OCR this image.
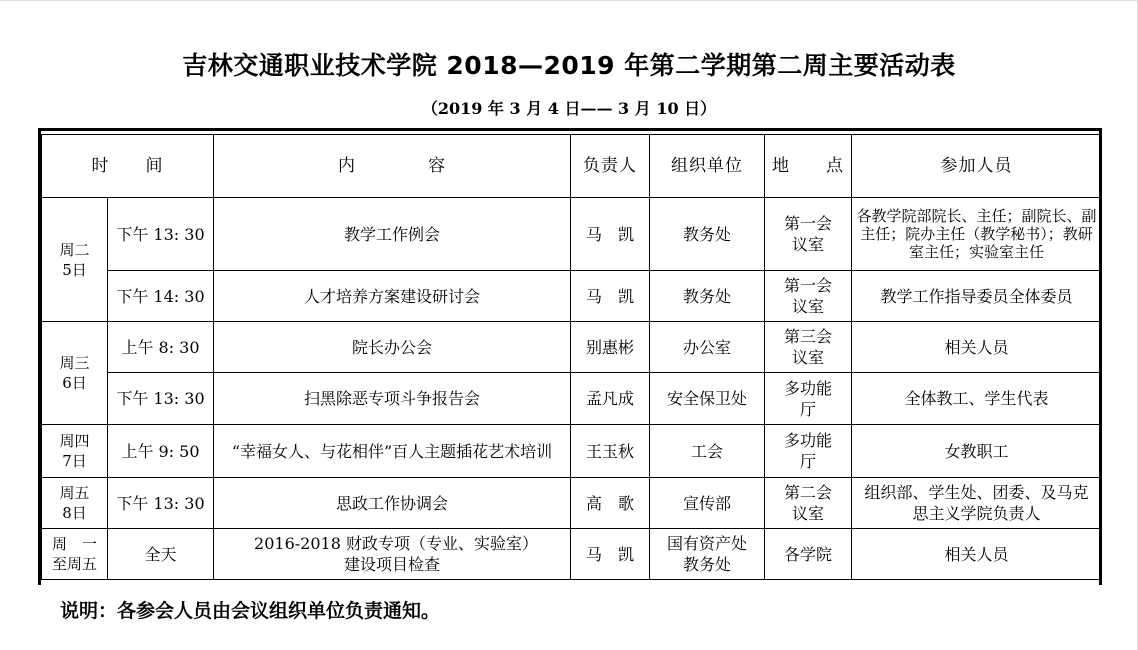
吉林交通职业技术学院 2018—2019 年第二学期第二周主要活动表
（2019 年 3 月 4 日—— 3 月 10 日）
时　　间		内　　　　容	负责人	组织单位	地　　点	参加人员

周二
5日	下午 13: 30	教学工作例会	马　凯	教务处	第一会议室	各教学院部院长、主任；副院长、副主任；院办主任（教学秘书）；教研室主任；实验室主任
	下午 14: 30	人才培养方案建设研讨会	马　凯	教务处	第一会议室	教学工作指导委员全体委员

周三
6日	上午 8: 30	院长办公会	别惠彬	办公室	第三会议室	相关人员
	下午 13: 30	扫黑除恶专项斗争报告会	孟凡成	安全保卫处	多功能厅	全体教工、学生代表

周四
7日	上午 9: 50	“幸福女人、与花相伴”百人主题插花艺术培训	王玉秋	工会	多功能厅	女教职工

周五
8日	下午 13: 30	思政工作协调会	高　歌	宣传部	第二会议室	组织部、学生处、团委、及马克思主义学院负责人

周　一
至周五	全天	2016-2018 财政专项（专业、实验室）建设项目检查	马　凯	国有资产处 教务处	各学院	相关人员
说明：各参会人员由会议组织单位负责通知。
